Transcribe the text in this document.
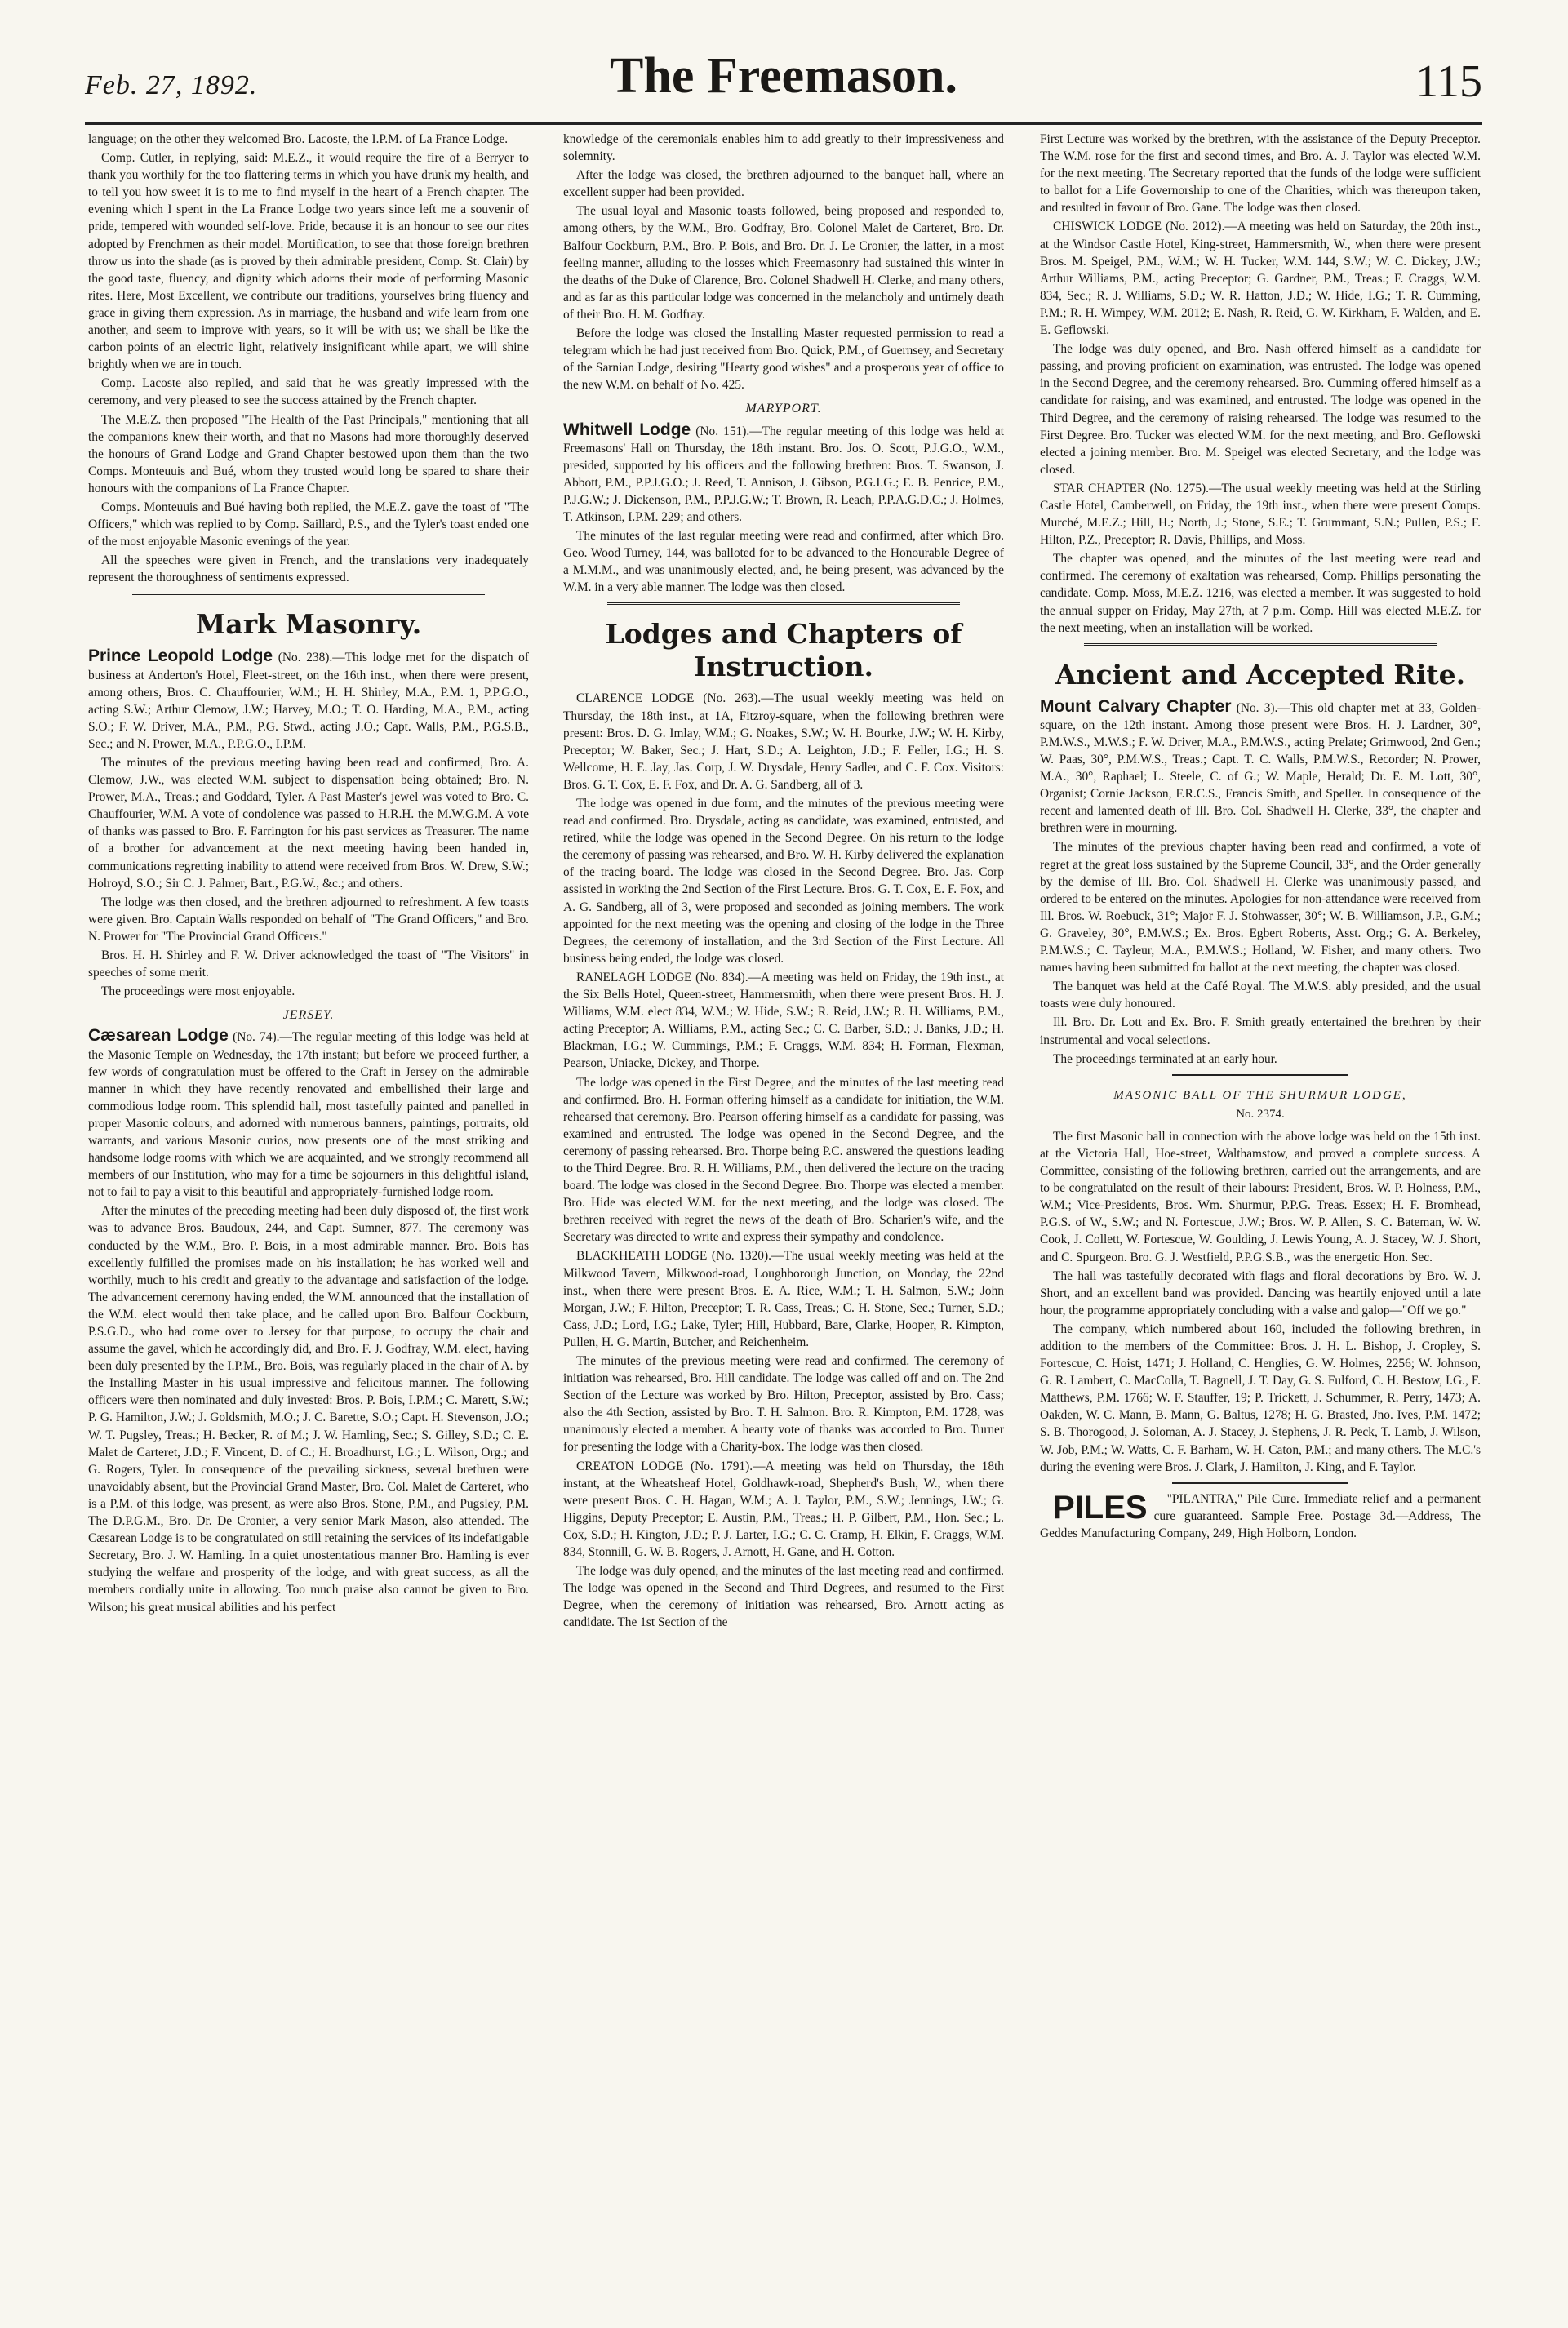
Feb. 27, 1892.	The Freemason.	115

language; on the other they welcomed Bro. Lacoste, the I.P.M. of La France Lodge.

Comp. Cutler, in replying, said: M.E.Z., it would require the fire of a Berryer to thank you worthily for the too flattering terms in which you have drunk my health, and to tell you how sweet it is to me to find myself in the heart of a French chapter. The evening which I spent in the La France Lodge two years since left me a souvenir of pride, tempered with wounded self-love. Pride, because it is an honour to see our rites adopted by Frenchmen as their model. Mortification, to see that those foreign brethren throw us into the shade (as is proved by their admirable president, Comp. St. Clair) by the good taste, fluency, and dignity which adorns their mode of performing Masonic rites. Here, Most Excellent, we contribute our traditions, yourselves bring fluency and grace in giving them expression. As in marriage, the husband and wife learn from one another, and seem to improve with years, so it will be with us; we shall be like the carbon points of an electric light, relatively insignificant while apart, we will shine brightly when we are in touch.

Comp. Lacoste also replied, and said that he was greatly impressed with the ceremony, and very pleased to see the success attained by the French chapter.

The M.E.Z. then proposed "The Health of the Past Principals," mentioning that all the companions knew their worth, and that no Masons had more thoroughly deserved the honours of Grand Lodge and Grand Chapter bestowed upon them than the two Comps. Monteuuis and Bué, whom they trusted would long be spared to share their honours with the companions of La France Chapter.

Comps. Monteuuis and Bué having both replied, the M.E.Z. gave the toast of "The Officers," which was replied to by Comp. Saillard, P.S., and the Tyler's toast ended one of the most enjoyable Masonic evenings of the year.

All the speeches were given in French, and the translations very inadequately represent the thoroughness of sentiments expressed.

Mark Masonry.

Prince Leopold Lodge (No. 238).—This lodge met for the dispatch of business at Anderton's Hotel, Fleet-street, on the 16th inst., when there were present, among others, Bros. C. Chauffourier, W.M.; H. H. Shirley, M.A., P.M. 1, P.P.G.O., acting S.W.; Arthur Clemow, J.W.; Harvey, M.O.; T. O. Harding, M.A., P.M., acting S.O.; F. W. Driver, M.A., P.M., P.G. Stwd., acting J.O.; Capt. Walls, P.M., P.G.S.B., Sec.; and N. Prower, M.A., P.P.G.O., I.P.M.

The minutes of the previous meeting having been read and confirmed, Bro. A. Clemow, J.W., was elected W.M. subject to dispensation being obtained; Bro. N. Prower, M.A., Treas.; and Goddard, Tyler. A Past Master's jewel was voted to Bro. C. Chauffourier, W.M. A vote of condolence was passed to H.R.H. the M.W.G.M. A vote of thanks was passed to Bro. F. Farrington for his past services as Treasurer. The name of a brother for advancement at the next meeting having been handed in, communications regretting inability to attend were received from Bros. W. Drew, S.W.; Holroyd, S.O.; Sir C. J. Palmer, Bart., P.G.W., &c.; and others.

The lodge was then closed, and the brethren adjourned to refreshment. A few toasts were given. Bro. Captain Walls responded on behalf of "The Grand Officers," and Bro. N. Prower for "The Provincial Grand Officers."

Bros. H. H. Shirley and F. W. Driver acknowledged the toast of "The Visitors" in speeches of some merit.

The proceedings were most enjoyable.

JERSEY.

Cæsarean Lodge (No. 74).—The regular meeting of this lodge was held at the Masonic Temple on Wednesday, the 17th instant; but before we proceed further, a few words of congratulation must be offered to the Craft in Jersey on the admirable manner in which they have recently renovated and embellished their large and commodious lodge room. This splendid hall, most tastefully painted and panelled in proper Masonic colours, and adorned with numerous banners, paintings, portraits, old warrants, and various Masonic curios, now presents one of the most striking and handsome lodge rooms with which we are acquainted, and we strongly recommend all members of our Institution, who may for a time be sojourners in this delightful island, not to fail to pay a visit to this beautiful and appropriately-furnished lodge room.

After the minutes of the preceding meeting had been duly disposed of, the first work was to advance Bros. Baudoux, 244, and Capt. Sumner, 877. The ceremony was conducted by the W.M., Bro. P. Bois, in a most admirable manner. Bro. Bois has excellently fulfilled the promises made on his installation; he has worked well and worthily, much to his credit and greatly to the advantage and satisfaction of the lodge. The advancement ceremony having ended, the W.M. announced that the installation of the W.M. elect would then take place, and he called upon Bro. Balfour Cockburn, P.S.G.D., who had come over to Jersey for that purpose, to occupy the chair and assume the gavel, which he accordingly did, and Bro. F. J. Godfray, W.M. elect, having been duly presented by the I.P.M., Bro. Bois, was regularly placed in the chair of A. by the Installing Master in his usual impressive and felicitous manner. The following officers were then nominated and duly invested: Bros. P. Bois, I.P.M.; C. Marett, S.W.; P. G. Hamilton, J.W.; J. Goldsmith, M.O.; J. C. Barette, S.O.; Capt. H. Stevenson, J.O.; W. T. Pugsley, Treas.; H. Becker, R. of M.; J. W. Hamling, Sec.; S. Gilley, S.D.; C. E. Malet de Carteret, J.D.; F. Vincent, D. of C.; H. Broadhurst, I.G.; L. Wilson, Org.; and G. Rogers, Tyler. In consequence of the prevailing sickness, several brethren were unavoidably absent, but the Provincial Grand Master, Bro. Col. Malet de Carteret, who is a P.M. of this lodge, was present, as were also Bros. Stone, P.M., and Pugsley, P.M. The D.P.G.M., Bro. Dr. De Cronier, a very senior Mark Mason, also attended. The Cæsarean Lodge is to be congratulated on still retaining the services of its indefatigable Secretary, Bro. J. W. Hamling. In a quiet unostentatious manner Bro. Hamling is ever studying the welfare and prosperity of the lodge, and with great success, as all the members cordially unite in allowing. Too much praise also cannot be given to Bro. Wilson; his great musical abilities and his perfect

knowledge of the ceremonials enables him to add greatly to their impressiveness and solemnity.

After the lodge was closed, the brethren adjourned to the banquet hall, where an excellent supper had been provided.

The usual loyal and Masonic toasts followed, being proposed and responded to, among others, by the W.M., Bro. Godfray, Bro. Colonel Malet de Carteret, Bro. Dr. Balfour Cockburn, P.M., Bro. P. Bois, and Bro. Dr. J. Le Cronier, the latter, in a most feeling manner, alluding to the losses which Freemasonry had sustained this winter in the deaths of the Duke of Clarence, Bro. Colonel Shadwell H. Clerke, and many others, and as far as this particular lodge was concerned in the melancholy and untimely death of their Bro. H. M. Godfray.

Before the lodge was closed the Installing Master requested permission to read a telegram which he had just received from Bro. Quick, P.M., of Guernsey, and Secretary of the Sarnian Lodge, desiring "Hearty good wishes" and a prosperous year of office to the new W.M. on behalf of No. 425.

MARYPORT.

Whitwell Lodge (No. 151).—The regular meeting of this lodge was held at Freemasons' Hall on Thursday, the 18th instant. Bro. Jos. O. Scott, P.J.G.O., W.M., presided, supported by his officers and the following brethren: Bros. T. Swanson, J. Abbott, P.M., P.P.J.G.O.; J. Reed, T. Annison, J. Gibson, P.G.I.G.; E. B. Penrice, P.M., P.J.G.W.; J. Dickenson, P.M., P.P.J.G.W.; T. Brown, R. Leach, P.P.A.G.D.C.; J. Holmes, T. Atkinson, I.P.M. 229; and others.

The minutes of the last regular meeting were read and confirmed, after which Bro. Geo. Wood Turney, 144, was balloted for to be advanced to the Honourable Degree of a M.M.M., and was unanimously elected, and, he being present, was advanced by the W.M. in a very able manner. The lodge was then closed.

Lodges and Chapters of Instruction.

CLARENCE LODGE (No. 263).—The usual weekly meeting was held on Thursday, the 18th inst., at 1A, Fitzroy-square, when the following brethren were present: Bros. D. G. Imlay, W.M.; G. Noakes, S.W.; W. H. Bourke, J.W.; W. H. Kirby, Preceptor; W. Baker, Sec.; J. Hart, S.D.; A. Leighton, J.D.; F. Feller, I.G.; H. S. Wellcome, H. E. Jay, Jas. Corp, J. W. Drysdale, Henry Sadler, and C. F. Cox. Visitors: Bros. G. T. Cox, E. F. Fox, and Dr. A. G. Sandberg, all of 3.

The lodge was opened in due form, and the minutes of the previous meeting were read and confirmed. Bro. Drysdale, acting as candidate, was examined, entrusted, and retired, while the lodge was opened in the Second Degree. On his return to the lodge the ceremony of passing was rehearsed, and Bro. W. H. Kirby delivered the explanation of the tracing board. The lodge was closed in the Second Degree. Bro. Jas. Corp assisted in working the 2nd Section of the First Lecture. Bros. G. T. Cox, E. F. Fox, and A. G. Sandberg, all of 3, were proposed and seconded as joining members. The work appointed for the next meeting was the opening and closing of the lodge in the Three Degrees, the ceremony of installation, and the 3rd Section of the First Lecture. All business being ended, the lodge was closed.

RANELAGH LODGE (No. 834).—A meeting was held on Friday, the 19th inst., at the Six Bells Hotel, Queen-street, Hammersmith, when there were present Bros. H. J. Williams, W.M. elect 834, W.M.; W. Hide, S.W.; R. Reid, J.W.; R. H. Williams, P.M., acting Preceptor; A. Williams, P.M., acting Sec.; C. C. Barber, S.D.; J. Banks, J.D.; H. Blackman, I.G.; W. Cummings, P.M.; F. Craggs, W.M. 834; H. Forman, Flexman, Pearson, Uniacke, Dickey, and Thorpe.

The lodge was opened in the First Degree, and the minutes of the last meeting read and confirmed. Bro. H. Forman offering himself as a candidate for initiation, the W.M. rehearsed that ceremony. Bro. Pearson offering himself as a candidate for passing, was examined and entrusted. The lodge was opened in the Second Degree, and the ceremony of passing rehearsed. Bro. Thorpe being P.C. answered the questions leading to the Third Degree. Bro. R. H. Williams, P.M., then delivered the lecture on the tracing board. The lodge was closed in the Second Degree. Bro. Thorpe was elected a member. Bro. Hide was elected W.M. for the next meeting, and the lodge was closed. The brethren received with regret the news of the death of Bro. Scharien's wife, and the Secretary was directed to write and express their sympathy and condolence.

BLACKHEATH LODGE (No. 1320).—The usual weekly meeting was held at the Milkwood Tavern, Milkwood-road, Loughborough Junction, on Monday, the 22nd inst., when there were present Bros. E. A. Rice, W.M.; T. H. Salmon, S.W.; John Morgan, J.W.; F. Hilton, Preceptor; T. R. Cass, Treas.; C. H. Stone, Sec.; Turner, S.D.; Cass, J.D.; Lord, I.G.; Lake, Tyler; Hill, Hubbard, Bare, Clarke, Hooper, R. Kimpton, Pullen, H. G. Martin, Butcher, and Reichenheim.

The minutes of the previous meeting were read and confirmed. The ceremony of initiation was rehearsed, Bro. Hill candidate. The lodge was called off and on. The 2nd Section of the Lecture was worked by Bro. Hilton, Preceptor, assisted by Bro. Cass; also the 4th Section, assisted by Bro. T. H. Salmon. Bro. R. Kimpton, P.M. 1728, was unanimously elected a member. A hearty vote of thanks was accorded to Bro. Turner for presenting the lodge with a Charity-box. The lodge was then closed.

CREATON LODGE (No. 1791).—A meeting was held on Thursday, the 18th instant, at the Wheatsheaf Hotel, Goldhawk-road, Shepherd's Bush, W., when there were present Bros. C. H. Hagan, W.M.; A. J. Taylor, P.M., S.W.; Jennings, J.W.; G. Higgins, Deputy Preceptor; E. Austin, P.M., Treas.; H. P. Gilbert, P.M., Hon. Sec.; L. Cox, S.D.; H. Kington, J.D.; P. J. Larter, I.G.; C. C. Cramp, H. Elkin, F. Craggs, W.M. 834, Stonnill, G. W. B. Rogers, J. Arnott, H. Gane, and H. Cotton.

The lodge was duly opened, and the minutes of the last meeting read and confirmed. The lodge was opened in the Second and Third Degrees, and resumed to the First Degree, when the ceremony of initiation was rehearsed, Bro. Arnott acting as candidate. The 1st Section of the

First Lecture was worked by the brethren, with the assistance of the Deputy Preceptor. The W.M. rose for the first and second times, and Bro. A. J. Taylor was elected W.M. for the next meeting. The Secretary reported that the funds of the lodge were sufficient to ballot for a Life Governorship to one of the Charities, which was thereupon taken, and resulted in favour of Bro. Gane. The lodge was then closed.

CHISWICK LODGE (No. 2012).—A meeting was held on Saturday, the 20th inst., at the Windsor Castle Hotel, King-street, Hammersmith, W., when there were present Bros. M. Speigel, P.M., W.M.; W. H. Tucker, W.M. 144, S.W.; W. C. Dickey, J.W.; Arthur Williams, P.M., acting Preceptor; G. Gardner, P.M., Treas.; F. Craggs, W.M. 834, Sec.; R. J. Williams, S.D.; W. R. Hatton, J.D.; W. Hide, I.G.; T. R. Cumming, P.M.; R. H. Wimpey, W.M. 2012; E. Nash, R. Reid, G. W. Kirkham, F. Walden, and E. E. Geflowski.

The lodge was duly opened, and Bro. Nash offered himself as a candidate for passing, and proving proficient on examination, was entrusted. The lodge was opened in the Second Degree, and the ceremony rehearsed. Bro. Cumming offered himself as a candidate for raising, and was examined, and entrusted. The lodge was opened in the Third Degree, and the ceremony of raising rehearsed. The lodge was resumed to the First Degree. Bro. Tucker was elected W.M. for the next meeting, and Bro. Geflowski elected a joining member. Bro. M. Speigel was elected Secretary, and the lodge was closed.

STAR CHAPTER (No. 1275).—The usual weekly meeting was held at the Stirling Castle Hotel, Camberwell, on Friday, the 19th inst., when there were present Comps. Murché, M.E.Z.; Hill, H.; North, J.; Stone, S.E.; T. Grummant, S.N.; Pullen, P.S.; F. Hilton, P.Z., Preceptor; R. Davis, Phillips, and Moss.

The chapter was opened, and the minutes of the last meeting were read and confirmed. The ceremony of exaltation was rehearsed, Comp. Phillips personating the candidate. Comp. Moss, M.E.Z. 1216, was elected a member. It was suggested to hold the annual supper on Friday, May 27th, at 7 p.m. Comp. Hill was elected M.E.Z. for the next meeting, when an installation will be worked.

Ancient and Accepted Rite.

Mount Calvary Chapter (No. 3).—This old chapter met at 33, Golden-square, on the 12th instant. Among those present were Bros. H. J. Lardner, 30°, P.M.W.S., M.W.S.; F. W. Driver, M.A., P.M.W.S., acting Prelate; Grimwood, 2nd Gen.; W. Paas, 30°, P.M.W.S., Treas.; Capt. T. C. Walls, P.M.W.S., Recorder; N. Prower, M.A., 30°, Raphael; L. Steele, C. of G.; W. Maple, Herald; Dr. E. M. Lott, 30°, Organist; Cornie Jackson, F.R.C.S., Francis Smith, and Speller. In consequence of the recent and lamented death of Ill. Bro. Col. Shadwell H. Clerke, 33°, the chapter and brethren were in mourning.

The minutes of the previous chapter having been read and confirmed, a vote of regret at the great loss sustained by the Supreme Council, 33°, and the Order generally by the demise of Ill. Bro. Col. Shadwell H. Clerke was unanimously passed, and ordered to be entered on the minutes. Apologies for non-attendance were received from Ill. Bros. W. Roebuck, 31°; Major F. J. Stohwasser, 30°; W. B. Williamson, J.P., G.M.; G. Graveley, 30°, P.M.W.S.; Ex. Bros. Egbert Roberts, Asst. Org.; G. A. Berkeley, P.M.W.S.; C. Tayleur, M.A., P.M.W.S.; Holland, W. Fisher, and many others. Two names having been submitted for ballot at the next meeting, the chapter was closed.

The banquet was held at the Café Royal. The M.W.S. ably presided, and the usual toasts were duly honoured.

Ill. Bro. Dr. Lott and Ex. Bro. F. Smith greatly entertained the brethren by their instrumental and vocal selections.

The proceedings terminated at an early hour.

MASONIC BALL OF THE SHURMUR LODGE,
No. 2374.

The first Masonic ball in connection with the above lodge was held on the 15th inst. at the Victoria Hall, Hoe-street, Walthamstow, and proved a complete success. A Committee, consisting of the following brethren, carried out the arrangements, and are to be congratulated on the result of their labours: President, Bros. W. P. Holness, P.M., W.M.; Vice-Presidents, Bros. Wm. Shurmur, P.P.G. Treas. Essex; H. F. Bromhead, P.G.S. of W., S.W.; and N. Fortescue, J.W.; Bros. W. P. Allen, S. C. Bateman, W. W. Cook, J. Collett, W. Fortescue, W. Goulding, J. Lewis Young, A. J. Stacey, W. J. Short, and C. Spurgeon. Bro. G. J. Westfield, P.P.G.S.B., was the energetic Hon. Sec.

The hall was tastefully decorated with flags and floral decorations by Bro. W. J. Short, and an excellent band was provided. Dancing was heartily enjoyed until a late hour, the programme appropriately concluding with a valse and galop—"Off we go."

The company, which numbered about 160, included the following brethren, in addition to the members of the Committee: Bros. J. H. L. Bishop, J. Cropley, S. Fortescue, C. Hoist, 1471; J. Holland, C. Henglies, G. W. Holmes, 2256; W. Johnson, G. R. Lambert, C. MacColla, T. Bagnell, J. T. Day, G. S. Fulford, C. H. Bestow, I.G., F. Matthews, P.M. 1766; W. F. Stauffer, 19; P. Trickett, J. Schummer, R. Perry, 1473; A. Oakden, W. C. Mann, B. Mann, G. Baltus, 1278; H. G. Brasted, Jno. Ives, P.M. 1472; S. B. Thorogood, J. Soloman, A. J. Stacey, J. Stephens, J. R. Peck, T. Lamb, J. Wilson, W. Job, P.M.; W. Watts, C. F. Barham, W. H. Caton, P.M.; and many others. The M.C.'s during the evening were Bros. J. Clark, J. Hamilton, J. King, and F. Taylor.

PILES "PILANTRA," Pile Cure. Immediate relief and a permanent cure guaranteed. Sample Free. Postage 3d.—Address, The Geddes Manufacturing Company, 249, High Holborn, London.
